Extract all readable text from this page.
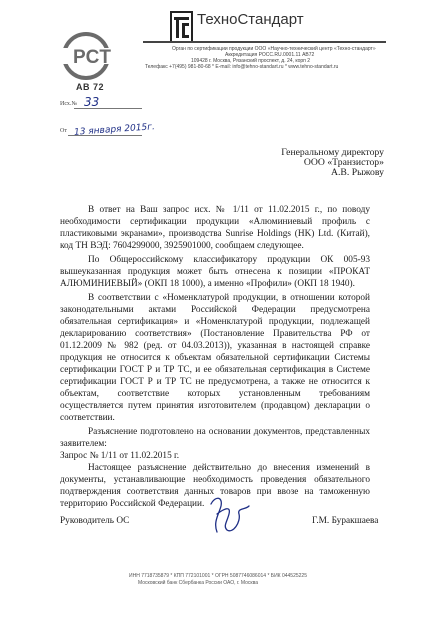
PCT
АВ 72
ТехноСтандарт
Орган по сертификации продукции ООО «Научно-технический центр «Техно-стандарт»
Аккредитация РОСС.RU.0001.11 АВ72
109428 г. Москва, Рязанский проспект, д. 24, корп 2
Телефакс +7(495) 981-80-68 * E-mail: info@tehno-standart.ru * www.tehno-standart.ru
Исх.№ 33
От 13 января 2015г.
Генеральному директору
ООО «Транзистор»
А.В. Рыжову

В ответ на Ваш запрос исх. № 1/11 от 11.02.2015 г., по поводу необходимости сертификации продукции «Алюминиевый профиль с пластиковыми экранами», производства Sunrise Holdings (HK) Ltd. (Китай), код ТН ВЭД: 7604299000, 3925901000, сообщаем следующее.

По Общероссийскому классификатору продукции ОК 005-93 вышеуказанная продукция может быть отнесена к позиции «ПРОКАТ АЛЮМИНИЕВЫЙ» (ОКП 18 1000), а именно «Профили» (ОКП 18 1940).

В соответствии с «Номенклатурой продукции, в отношении которой законодательными актами Российской Федерации предусмотрена обязательная сертификация» и «Номенклатурой продукции, подлежащей декларированию соответствия» (Постановление Правительства РФ от 01.12.2009 № 982 (ред. от 04.03.2013)), указанная в настоящей справке продукция не относится к объектам обязательной сертификации Системы сертификации ГОСТ Р и ТР ТС, и ее обязательная сертификация в Системе сертификации ГОСТ Р и ТР ТС не предусмотрена, а также не относится к объектам, соответствие которых установленным требованиям осуществляется путем принятия изготовителем (продавцом) декларации о соответствии.

Разъяснение подготовлено на основании документов, представленных заявителем:

Запрос № 1/11 от 11.02.2015 г.

Настоящее разъяснение действительно до внесения изменений в документы, устанавливающие необходимость проведения обязательного подтверждения соответствия данных товаров при ввозе на таможенную территорию Российской Федерации.

Руководитель ОС	Г.М. Буракшаева
ИНН 7718735879 * КПП 772101001 * ОГРН 5087746086014 * БИК 044525225
Московский банк Сбербанка России ОАО, г. Москва
